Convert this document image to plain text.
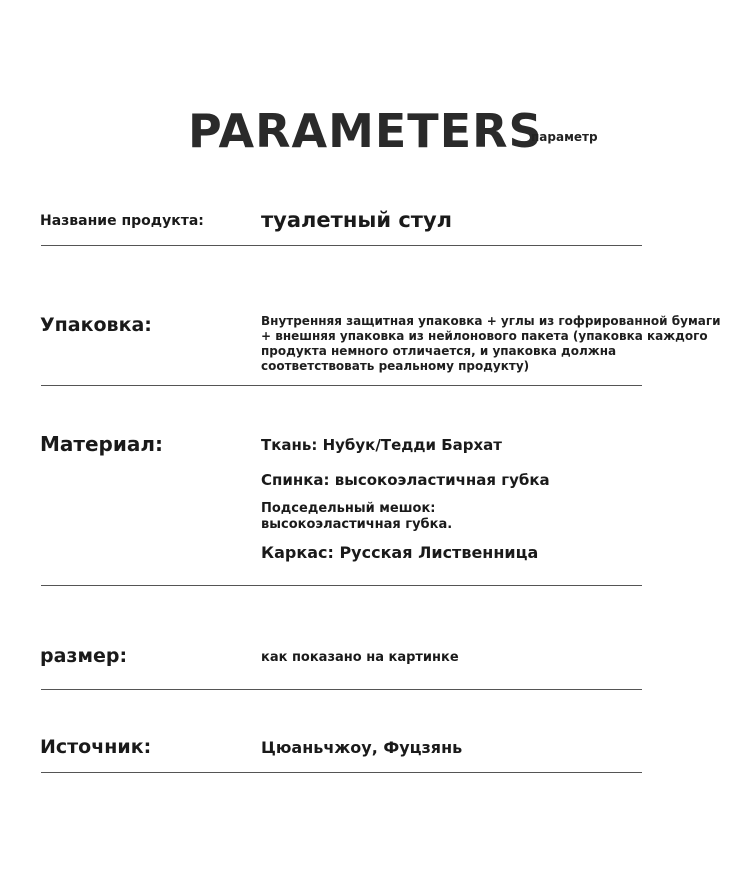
PARAMETERS
параметр
Название продукта:	туалетный стул
Упаковка:	Внутренняя защитная упаковка + углы из гофрированной бумаги
+ внешняя упаковка из нейлонового пакета (упаковка каждого
продукта немного отличается, и упаковка должна
соответствовать реальному продукту)
Материал:	Ткань: Нубук/Тедди Бархат
Спинка: высокоэластичная губка
Подседельный мешок:
высокоэластичная губка.
Каркас: Русская Лиственница
размер:	как показано на картинке
Источник:	Цюаньчжоу, Фуцзянь
